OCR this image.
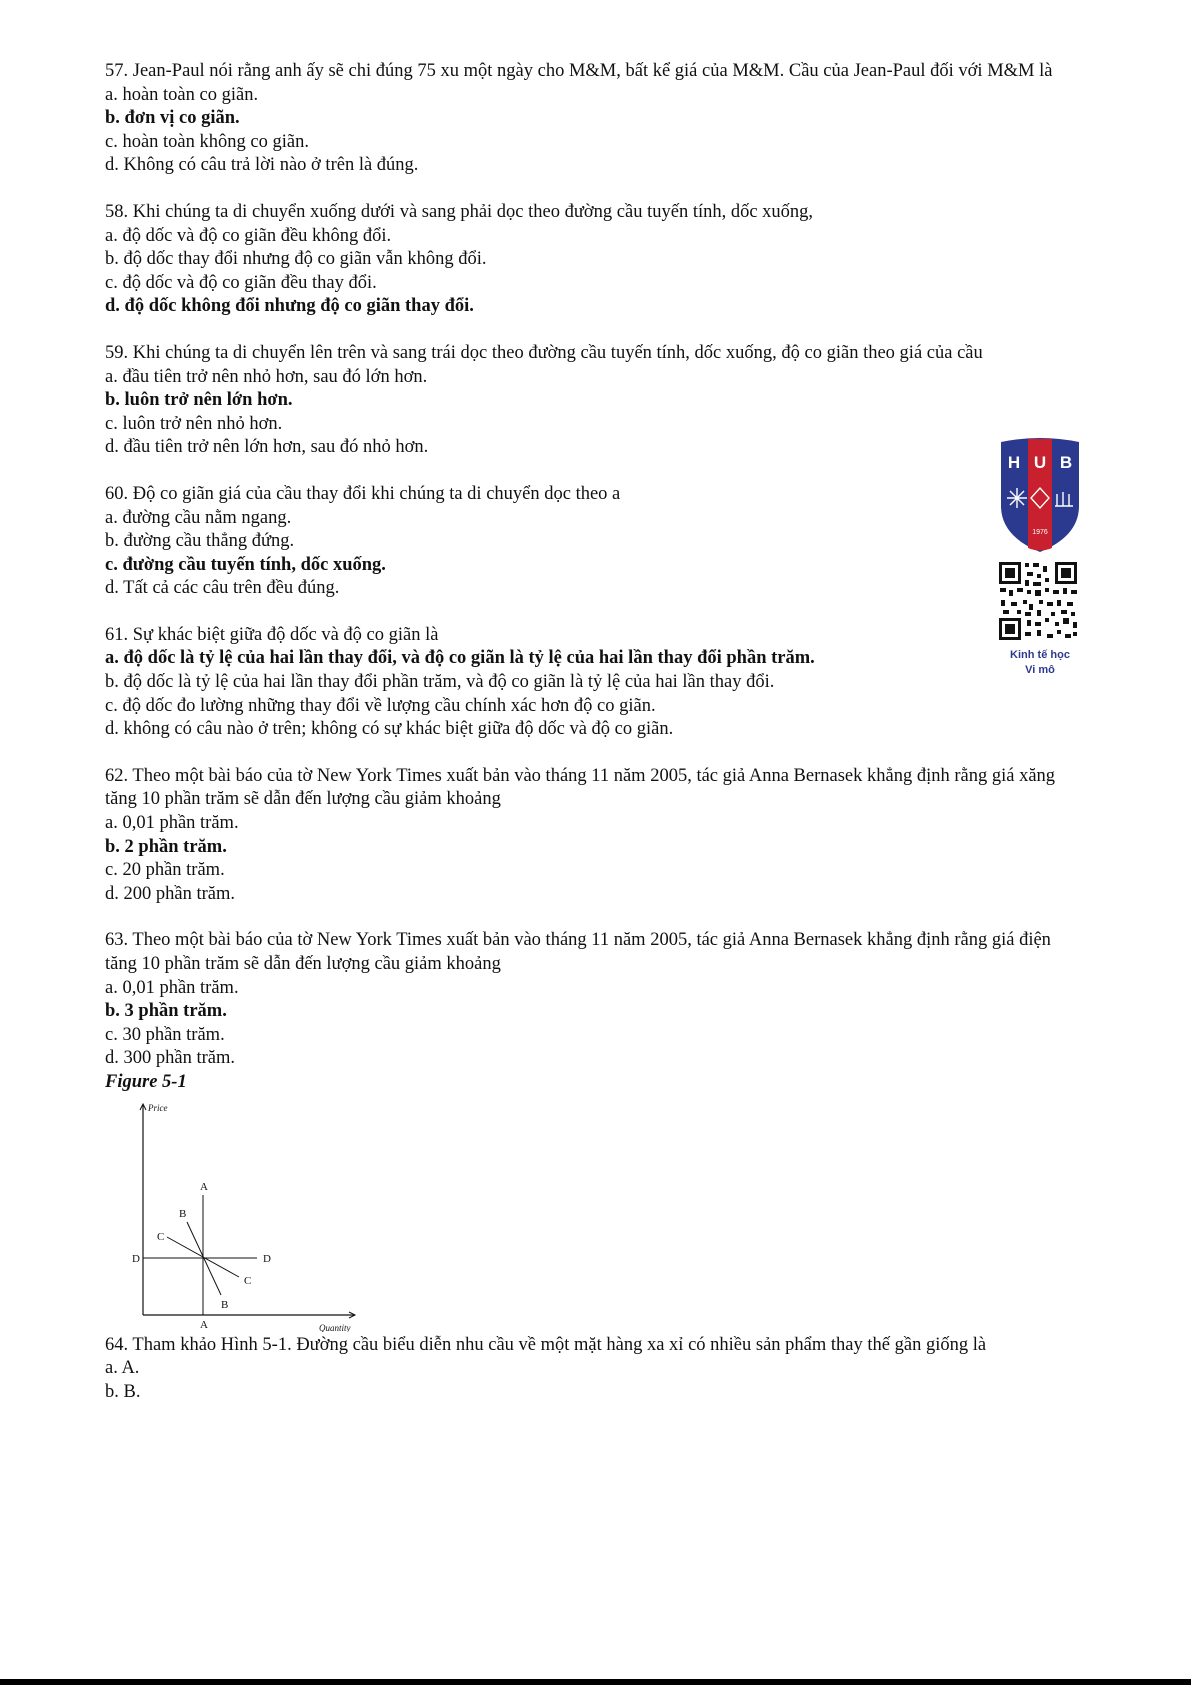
57. Jean-Paul nói rằng anh ấy sẽ chi đúng 75 xu một ngày cho M&M, bất kể giá của M&M. Cầu của Jean-Paul đối với M&M là

a. hoàn toàn co giãn.

b. đơn vị co giãn.

c. hoàn toàn không co giãn.

d. Không có câu trả lời nào ở trên là đúng.

58. Khi chúng ta di chuyển xuống dưới và sang phải dọc theo đường cầu tuyến tính, dốc xuống,

a. độ dốc và độ co giãn đều không đổi.

b. độ dốc thay đổi nhưng độ co giãn vẫn không đổi.

c. độ dốc và độ co giãn đều thay đổi.

d. độ dốc không đổi nhưng độ co giãn thay đổi.

59. Khi chúng ta di chuyển lên trên và sang trái dọc theo đường cầu tuyến tính, dốc xuống, độ co giãn theo giá của cầu

a. đầu tiên trở nên nhỏ hơn, sau đó lớn hơn.

b. luôn trở nên lớn hơn.

c. luôn trở nên nhỏ hơn.

d. đầu tiên trở nên lớn hơn, sau đó nhỏ hơn.

60. Độ co giãn giá của cầu thay đổi khi chúng ta di chuyển dọc theo a

a. đường cầu nằm ngang.

b. đường cầu thẳng đứng.

c. đường cầu tuyến tính, dốc xuống.

d. Tất cả các câu trên đều đúng.

61. Sự khác biệt giữa độ dốc và độ co giãn là

a. độ dốc là tỷ lệ của hai lần thay đổi, và độ co giãn là tỷ lệ của hai lần thay đổi phần trăm.

b. độ dốc là tỷ lệ của hai lần thay đổi phần trăm, và độ co giãn là tỷ lệ của hai lần thay đổi.

c. độ dốc đo lường những thay đổi về lượng cầu chính xác hơn độ co giãn.

d. không có câu nào ở trên; không có sự khác biệt giữa độ dốc và độ co giãn.

62. Theo một bài báo của tờ New York Times xuất bản vào tháng 11 năm 2005, tác giả Anna Bernasek khẳng định rằng giá xăng tăng 10 phần trăm sẽ dẫn đến lượng cầu giảm khoảng

a. 0,01 phần trăm.

b. 2 phần trăm.

c. 20 phần trăm.

d. 200 phần trăm.

63. Theo một bài báo của tờ New York Times xuất bản vào tháng 11 năm 2005, tác giả Anna Bernasek khẳng định rằng giá điện tăng 10 phần trăm sẽ dẫn đến lượng cầu giảm khoảng

a. 0,01 phần trăm.

b. 3 phần trăm.

c. 30 phần trăm.

d. 300 phần trăm.

Figure 5-1

Price
Quantity
A
A
D	D
B
B
C
C

64. Tham khảo Hình 5-1. Đường cầu biểu diễn nhu cầu về một mặt hàng xa xỉ có nhiều sản phẩm thay thế gần giống là

a. A.

b. B.

H U B
1976
Kinh tế học
Vi mô
